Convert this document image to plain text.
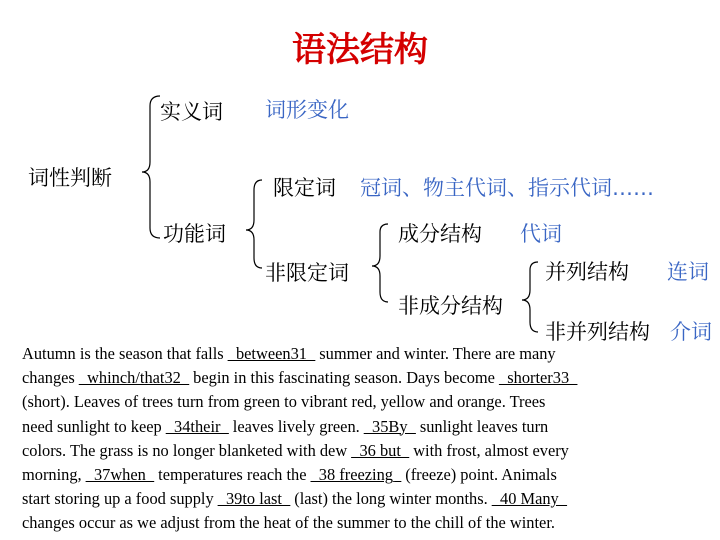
语法结构
实义词 词形变化
词性判断	限定词 冠词、物主代词、指示代词……
功能词	成分结构 代词
非限定词	并列结构 连词
非成分结构
非并列结构 介词
Autumn is the season that falls _between31_ summer and winter. There are many
changes _whinch/that32_ begin in this fascinating season. Days become _shorter33_
(short). Leaves of trees turn from green to vibrant red, yellow and orange. Trees
need sunlight to keep _34their_ leaves lively green. _35By_ sunlight leaves turn
colors. The grass is no longer blanketed with dew _36 but_ with frost, almost every
morning, _37when_ temperatures reach the _38 freezing_ (freeze) point. Animals
start storing up a food supply _39to last_ (last) the long winter months. _40 Many_
changes occur as we adjust from the heat of the summer to the chill of the winter.
